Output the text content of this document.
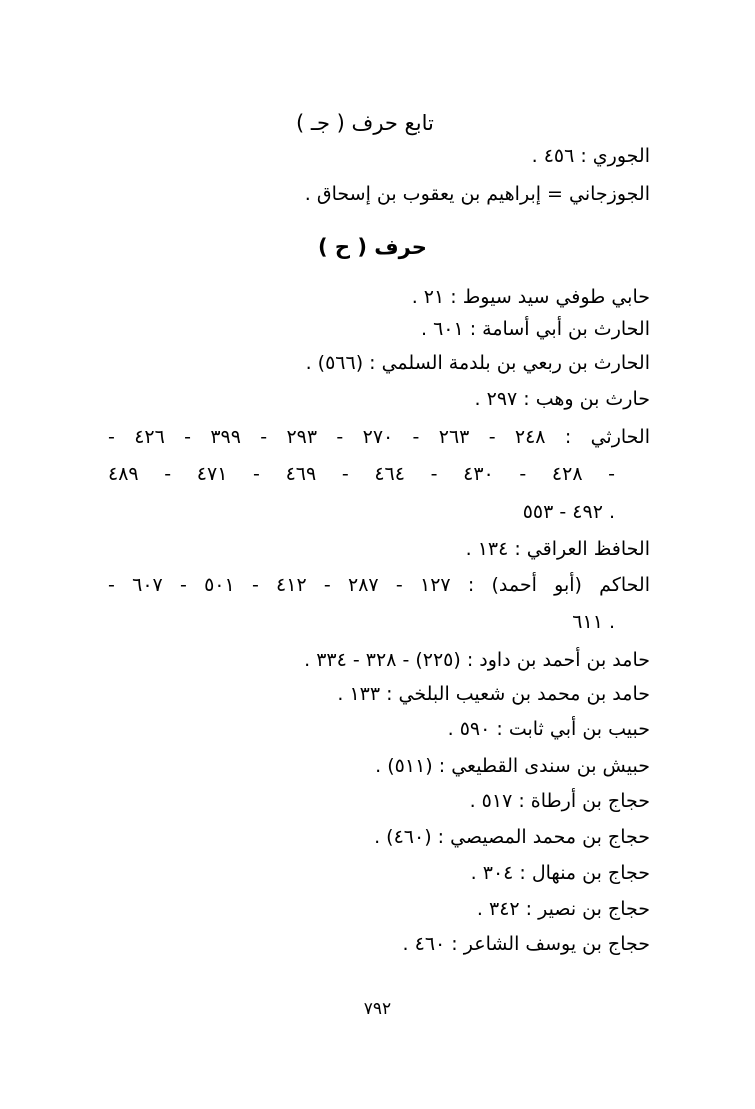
تابع حرف ( جـ )
الجوري : ٤٥٦ .
الجوزجاني = إبراهيم بن يعقوب بن إسحاق .
حرف ( ح )
حابي طوفي سيد سيوط : ٢١ .
الحارث بن أبي أسامة : ٦٠١ .
الحارث بن ربعي بن بلدمة السلمي : (٥٦٦) .
حارث بن وهب : ٢٩٧ .
الحارثي : ٢٤٨ - ٢٦٣ - ٢٧٠ - ٢٩٣ - ٣٩٩ - ٤٢٦ -
٤٢٨ - ٤٣٠ - ٤٦٤ - ٤٦٩ - ٤٧١ - ٤٨٩ -
٤٩٢ - ٥٥٣ .
الحافظ العراقي : ١٣٤ .
الحاكم (أبو أحمد) : ١٢٧ - ٢٨٧ - ٤١٢ - ٥٠١ - ٦٠٧ -
٦١١ .
حامد بن أحمد بن داود : (٢٢٥) - ٣٢٨ - ٣٣٤ .
حامد بن محمد بن شعيب البلخي : ١٣٣ .
حبيب بن أبي ثابت : ٥٩٠ .
حبيش بن سندى القطيعي : (٥١١) .
حجاج بن أرطاة : ٥١٧ .
حجاج بن محمد المصيصي : (٤٦٠) .
حجاج بن منهال : ٣٠٤ .
حجاج بن نصير : ٣٤٢ .
حجاج بن يوسف الشاعر : ٤٦٠ .
٧٩٢
